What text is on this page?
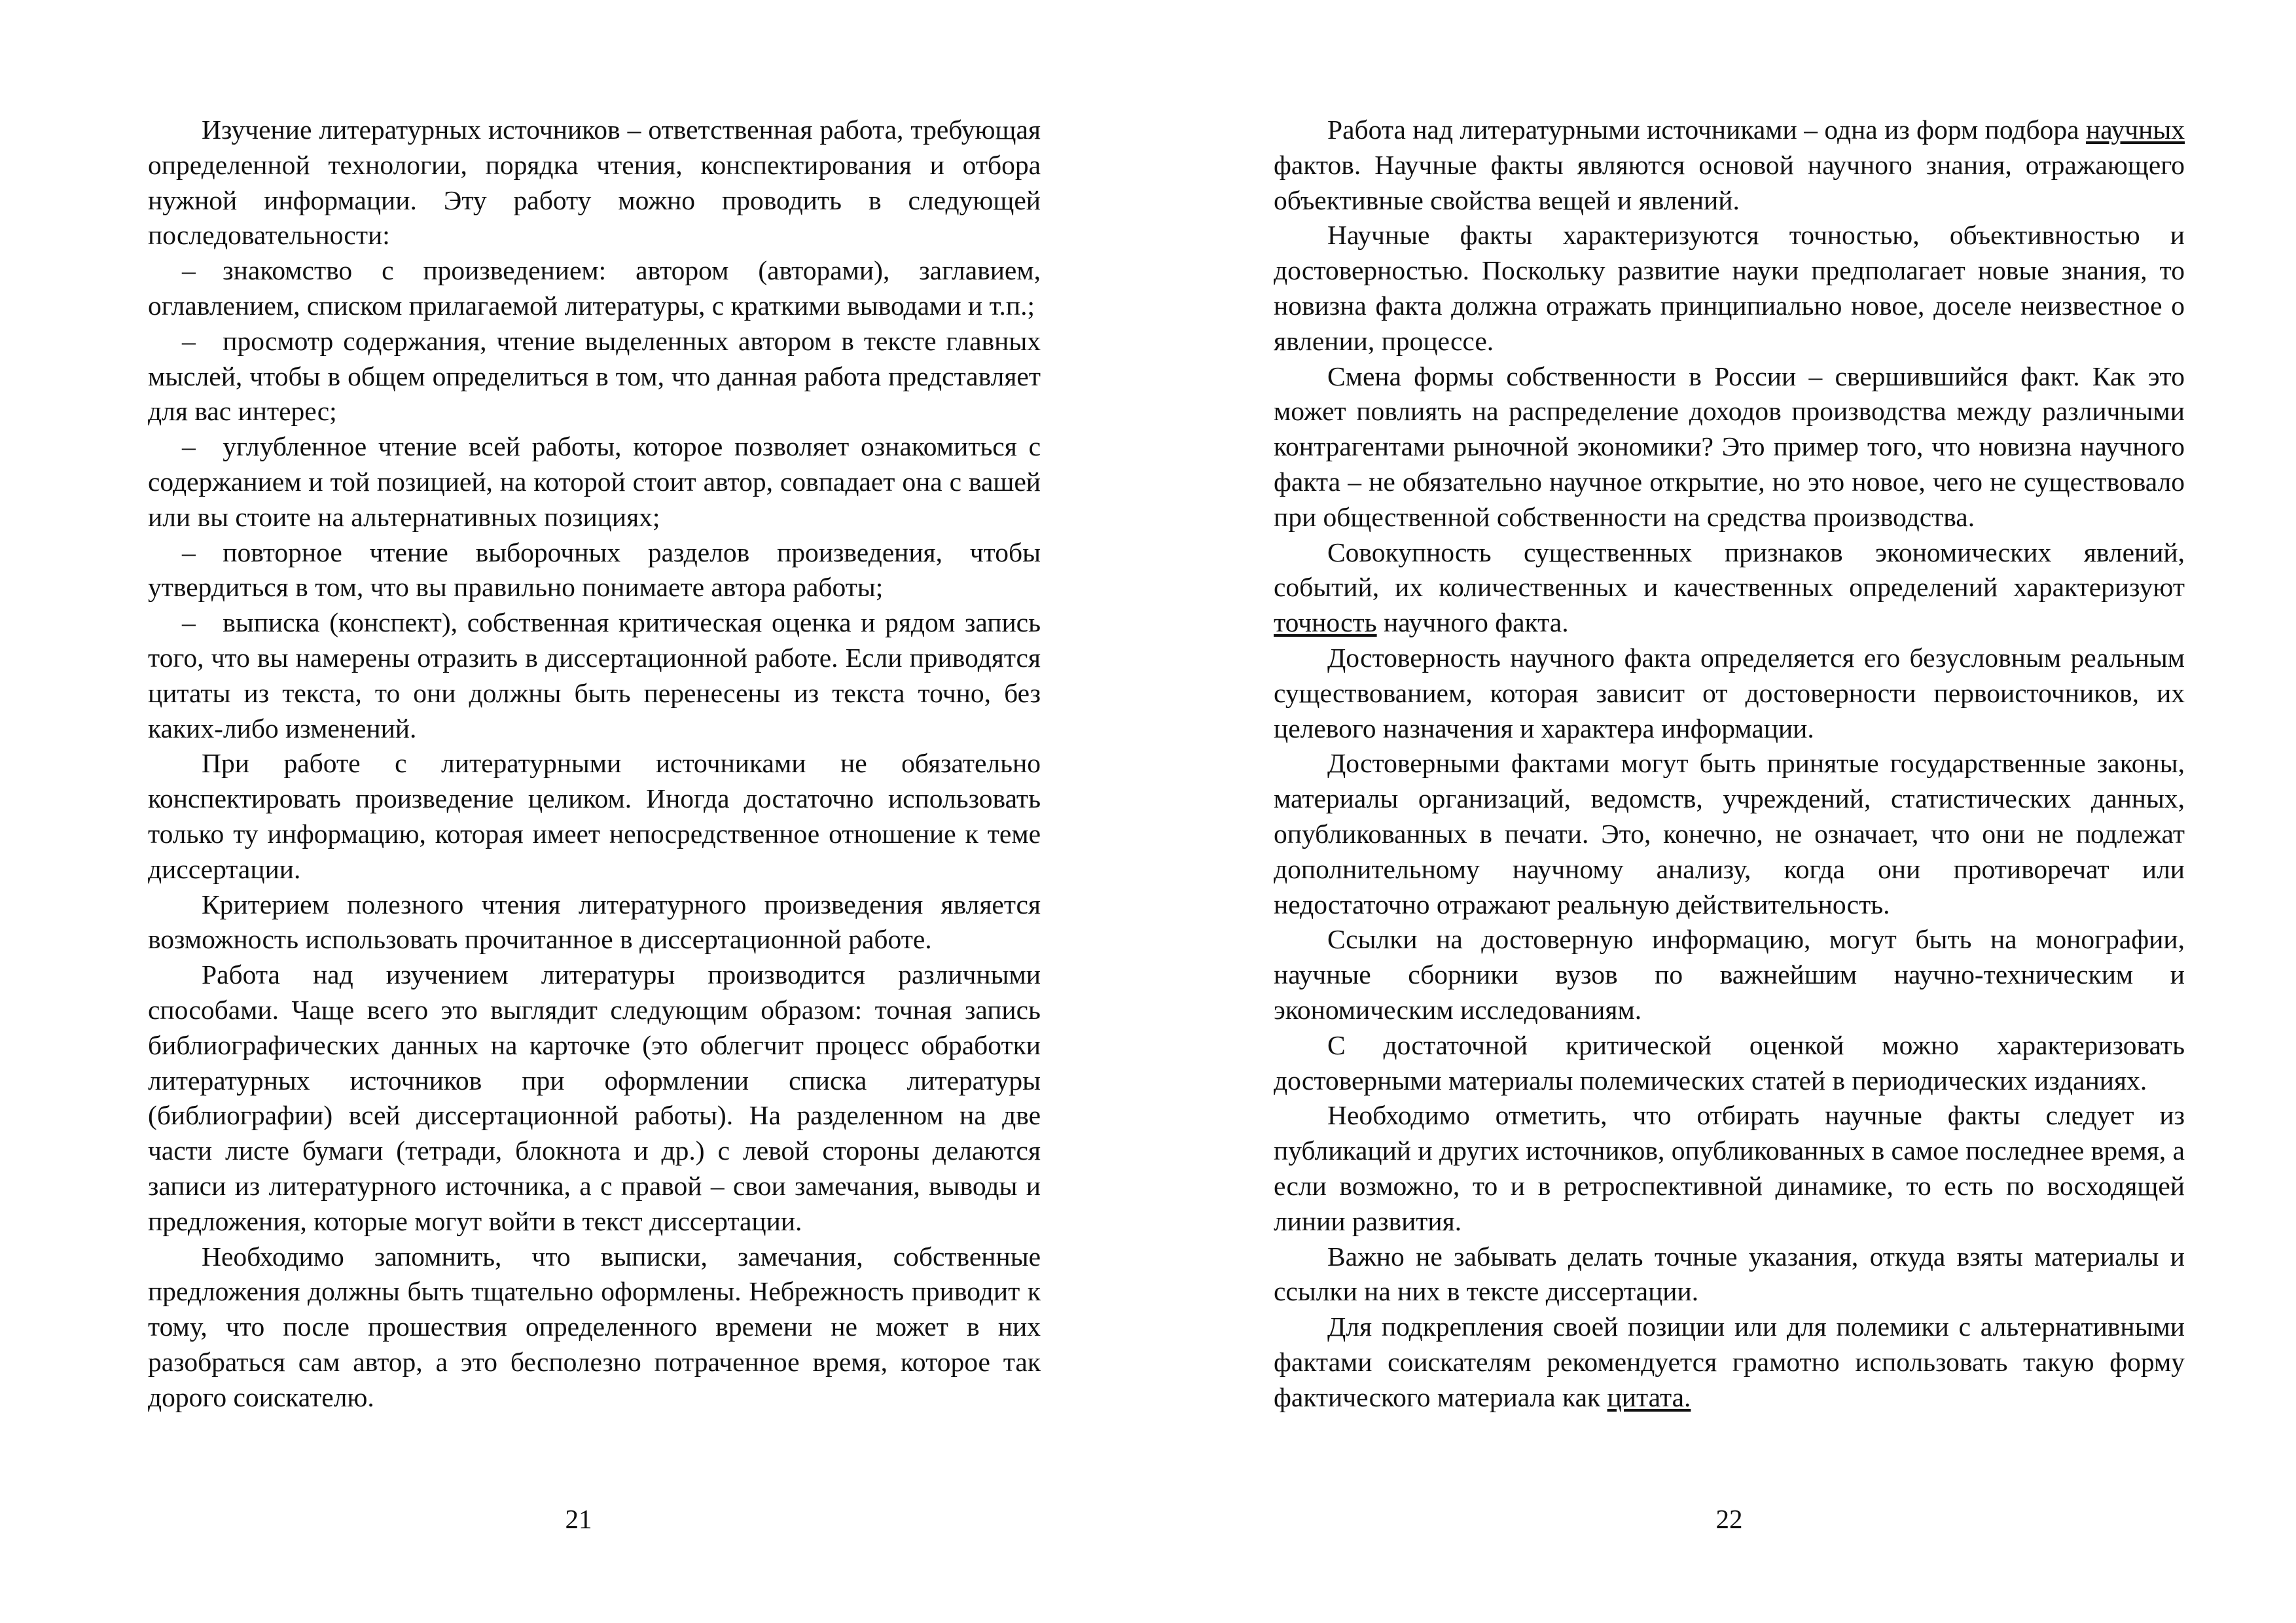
Изучение литературных источников – ответственная работа, требующая определенной технологии, порядка чтения, конспектирования и отбора нужной информации. Эту работу можно проводить в следующей последовательности:

–  знакомство с произведением: автором (авторами), заглавием, оглавлением, списком прилагаемой литературы, с краткими выводами и т.п.;

–  просмотр содержания, чтение выделенных автором в тексте главных мыслей, чтобы в общем определиться в том, что данная работа представляет для вас интерес;

–  углубленное чтение всей работы, которое позволяет ознакомиться с содержанием и той позицией, на которой стоит автор, совпадает она с вашей или вы стоите на альтернативных позициях;

–  повторное чтение выборочных разделов произведения, чтобы утвердиться в том, что вы правильно понимаете автора работы;

–  выписка (конспект), собственная критическая оценка и рядом запись того, что вы намерены отразить в диссертационной работе. Если приводятся цитаты из текста, то они должны быть перенесены из текста точно, без каких-либо изменений.

При работе с литературными источниками не обязательно конспектировать произведение целиком. Иногда достаточно использовать только ту информацию, которая имеет непосредственное отношение к теме диссертации.

Критерием полезного чтения литературного произведения является возможность использовать прочитанное в диссертационной работе.

Работа над изучением литературы производится различными способами. Чаще всего это выглядит следующим образом: точная запись библиографических данных на карточке (это облегчит процесс обработки литературных источников при оформлении списка литературы (библиографии) всей диссертационной работы). На разделенном на две части листе бумаги (тетради, блокнота и др.) с левой стороны делаются записи из литературного источника, а с правой – свои замечания, выводы и предложения, которые могут войти в текст диссертации.

Необходимо запомнить, что выписки, замечания, собственные предложения должны быть тщательно оформлены. Небрежность приводит к тому, что после прошествия определенного времени не может в них разобраться сам автор, а это бесполезно потраченное время, которое так дорого соискателю.

21

Работа над литературными источниками – одна из форм подбора научных фактов. Научные факты являются основой научного знания, отражающего объективные свойства вещей и явлений.

Научные факты характеризуются точностью, объективностью и достоверностью. Поскольку развитие науки предполагает новые знания, то новизна факта должна отражать принципиально новое, доселе неизвестное о явлении, процессе.

Смена формы собственности в России – свершившийся факт. Как это может повлиять на распределение доходов производства между различными контрагентами рыночной экономики? Это пример того, что новизна научного факта – не обязательно научное открытие, но это новое, чего не существовало при общественной собственности на средства производства.

Совокупность существенных признаков экономических явлений, событий, их количественных и качественных определений характеризуют точность научного факта.

Достоверность научного факта определяется его безусловным реальным существованием, которая зависит от достоверности первоисточников, их целевого назначения и характера информации.

Достоверными фактами могут быть принятые государственные законы, материалы организаций, ведомств, учреждений, статистических данных, опубликованных в печати. Это, конечно, не означает, что они не подлежат дополнительному научному анализу, когда они противоречат или недостаточно отражают реальную действительность.

Ссылки на достоверную информацию, могут быть на монографии, научные сборники вузов по важнейшим научно-техническим и экономическим исследованиям.

С достаточной критической оценкой можно характеризовать достоверными материалы полемических статей в периодических изданиях.

Необходимо отметить, что отбирать научные факты следует из публикаций и других источников, опубликованных в самое последнее время, а если возможно, то и в ретроспективной динамике, то есть по восходящей линии развития.

Важно не забывать делать точные указания, откуда взяты материалы и ссылки на них в тексте диссертации.

Для подкрепления своей позиции или для полемики с альтернативными фактами соискателям рекомендуется грамотно использовать такую форму фактического материала как цитата.

22
